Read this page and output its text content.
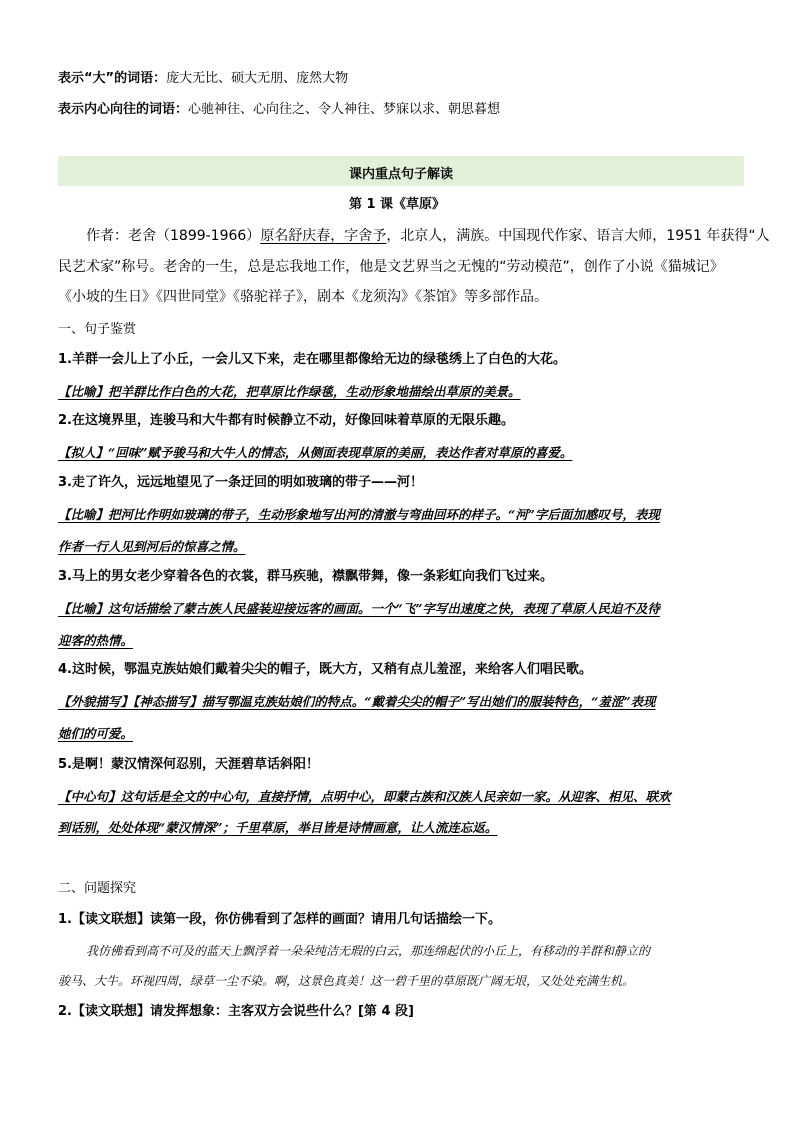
表示“大”的词语：庞大无比、硕大无朋、庞然大物
表示内心向往的词语：心驰神往、心向往之、令人神往、梦寐以求、朝思暮想
课内重点句子解读
第 1 课《草原》
作者：老舍（1899-1966）原名舒庆春，字舍予，北京人，满族。中国现代作家、语言大师，1951 年获得“人
民艺术家”称号。老舍的一生，总是忘我地工作，他是文艺界当之无愧的“劳动模范”，创作了小说《猫城记》
《小坡的生日》《四世同堂》《骆驼祥子》，剧本《龙须沟》《茶馆》等多部作品。
一、句子鉴赏
1.羊群一会儿上了小丘，一会儿又下来，走在哪里都像给无边的绿毯绣上了白色的大花。
【比喻】把羊群比作白色的大花，把草原比作绿毯，生动形象地描绘出草原的美景。
2.在这境界里，连骏马和大牛都有时候静立不动，好像回味着草原的无限乐趣。
【拟人】“回味”赋予骏马和大牛人的情态，从侧面表现草原的美丽，表达作者对草原的喜爱。
3.走了许久，远远地望见了一条迂回的明如玻璃的带子——河！
【比喻】把河比作明如玻璃的带子，生动形象地写出河的清澈与弯曲回环的样子。“河”字后面加感叹号，表现
作者一行人见到河后的惊喜之情。
3.马上的男女老少穿着各色的衣裳，群马疾驰，襟飘带舞，像一条彩虹向我们飞过来。
【比喻】这句话描绘了蒙古族人民盛装迎接远客的画面。一个“飞”字写出速度之快，表现了草原人民迫不及待
迎客的热情。
4.这时候，鄂温克族姑娘们戴着尖尖的帽子，既大方，又稍有点儿羞涩，来给客人们唱民歌。
【外貌描写】【神态描写】描写鄂温克族姑娘们的特点。“戴着尖尖的帽子”写出她们的服装特色，“羞涩”表现
她们的可爱。
5.是啊！蒙汉情深何忍别，天涯碧草话斜阳！
【中心句】这句话是全文的中心句，直接抒情，点明中心，即蒙古族和汉族人民亲如一家。从迎客、相见、联欢
到话别，处处体现“蒙汉情深”；千里草原，举目皆是诗情画意，让人流连忘返。
二、问题探究
1.【读文联想】读第一段，你仿佛看到了怎样的画面？请用几句话描绘一下。
我仿佛看到高不可及的蓝天上飘浮着一朵朵纯洁无瑕的白云，那连绵起伏的小丘上，有移动的羊群和静立的
骏马、大牛。环视四周，绿草一尘不染。啊，这景色真美！这一碧千里的草原既广阔无垠，又处处充满生机。
2.【读文联想】请发挥想象：主客双方会说些什么？[第 4 段]
